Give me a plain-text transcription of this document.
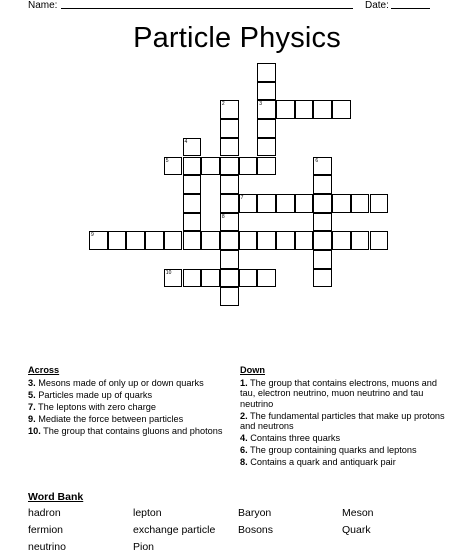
Name:	Date:
Particle Physics
2	3
4
5	6
7
8
9
10
Across
3. Mesons made of only up or down quarks
5. Particles made up of quarks
7. The leptons with zero charge
9. Mediate the force between particles
10. The group that contains gluons and photons
Down
1. The group that contains electrons, muons and tau, electron neutrino, muon neutrino and tau neutrino
2. The fundamental particles that make up protons and neutrons
4. Contains three quarks
6. The group containing quarks and leptons
8. Contains a quark and antiquark pair
Word Bank
hadron	lepton	Baryon	Meson
fermion	exchange particle Bosons	Quark
neutrino	Pion
